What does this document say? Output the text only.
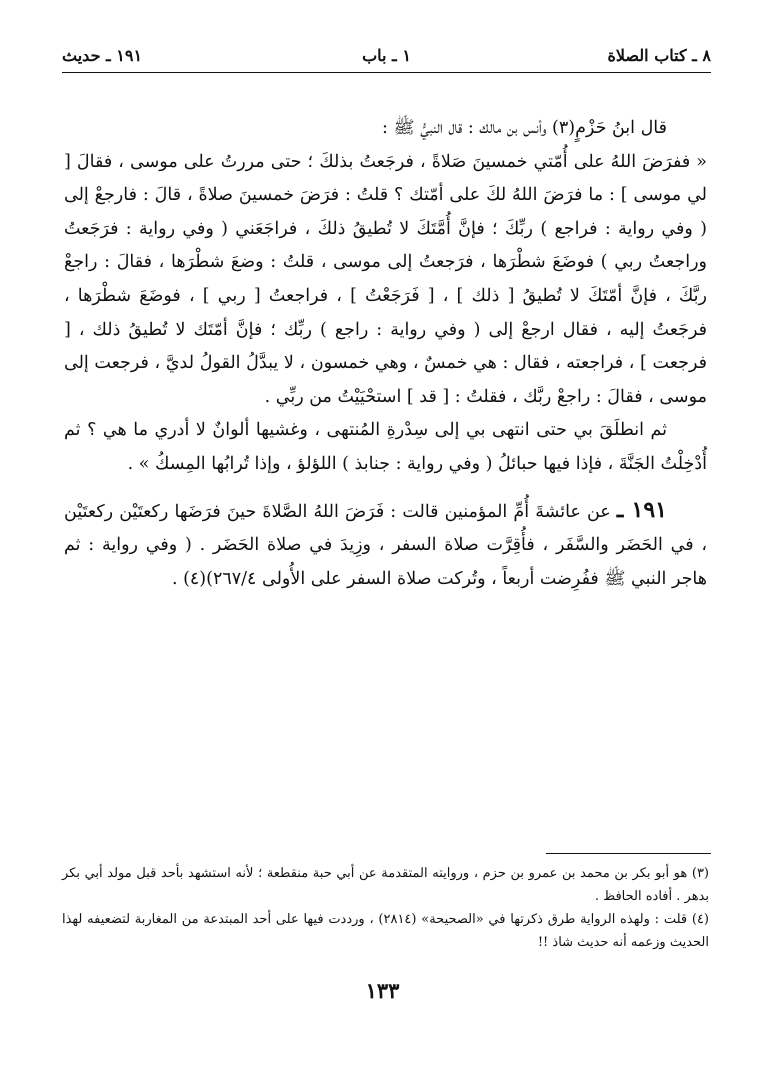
٨ ـ كتاب الصلاة
١ ـ باب
١٩١ ـ حديث

قال ابنُ حَزْمٍ(٣) وأنس بن مالك : قال النبيُّ ﷺ :

« ففرَضَ اللهُ على أُمّتي خمسينَ صَلاةً ، فرجَعتُ بذلكَ ؛ حتى مررتُ على موسى ، فقالَ [ لي موسى ] : ما فرَضَ اللهُ لكَ على أمّتك ؟ قلتُ : فرَضَ خمسينَ صلاةً ، قالَ : فارجعْ إلى ( وفي رواية : فراجع ) ربِّكَ ؛ فإنَّ أُمَّتَكَ لا تُطيقُ ذلكَ ، فراجَعَني ( وفي رواية : فرَجَعتُ وراجعتُ ربي ) فوضَعَ شطْرَها ، فرَجعتُ إلى موسى ، قلتُ : وضعَ شطْرَها ، فقالَ : راجعْ ربَّكَ ، فإنَّ أمّتَكَ لا تُطيقُ [ ذلك ] ، [ فَرَجَعْتُ ] ، فراجعتُ [ ربي ] ، فوضَعَ شطْرَها ، فرجَعتُ إليه ، فقال ارجعْ إلى ( وفي رواية : راجع ) ربِّك ؛ فإنَّ أمّتَك لا تُطيقُ ذلك ، [ فرجعت ] ، فراجعته ، فقال : هي خمسٌ ، وهي خمسون ، لا يبدَّلُ القولُ لديَّ ، فرجعت إلى موسى ، فقالَ : راجعْ ربَّك ، فقلتُ : [ قد ] استحْيَيْتُ من ربِّي .

ثم انطلَقَ بي حتى انتهى بي إلى سِدْرةِ المُنتهى ، وغشيها ألوانٌ لا أدري ما هي ؟ ثم أُدْخِلْتُ الجَنَّةَ ، فإذا فيها حبائلُ ( وفي رواية : جنابذ ) اللؤلؤ ، وإذا تُرابُها المِسكُ » .

١٩١ ـ عن عائشةَ أُمِّ المؤمنين قالت : فَرَضَ اللهُ الصَّلاةَ حينَ فرَضَها ركعتَيْن ركعتَيْن ، في الحَضَر والسَّفَر ، فأُقِرَّت صلاة السفر ، وزِيدَ في صلاة الحَضَر . ( وفي رواية : ثم هاجر النبي ﷺ ففُرِضت أربعاً ، وتُركت صلاة السفر على الأُولى ٢٦٧/٤)(٤) .

(٣) هو أبو بكر بن محمد بن عمرو بن حزم ، وروايته المتقدمة عن أبي حبة منقطعة ؛ لأنه استشهد بأحد قبل مولد أبي بكر بدهر . أفاده الحافظ .

(٤) قلت : ولهذه الرواية طرق ذكرتها في «الصحيحة» (٢٨١٤) ، ورددت فيها على أحد المبتدعة من المغاربة لتضعيفه لهذا الحديث وزعمه أنه حديث شاذ !!

١٣٣
